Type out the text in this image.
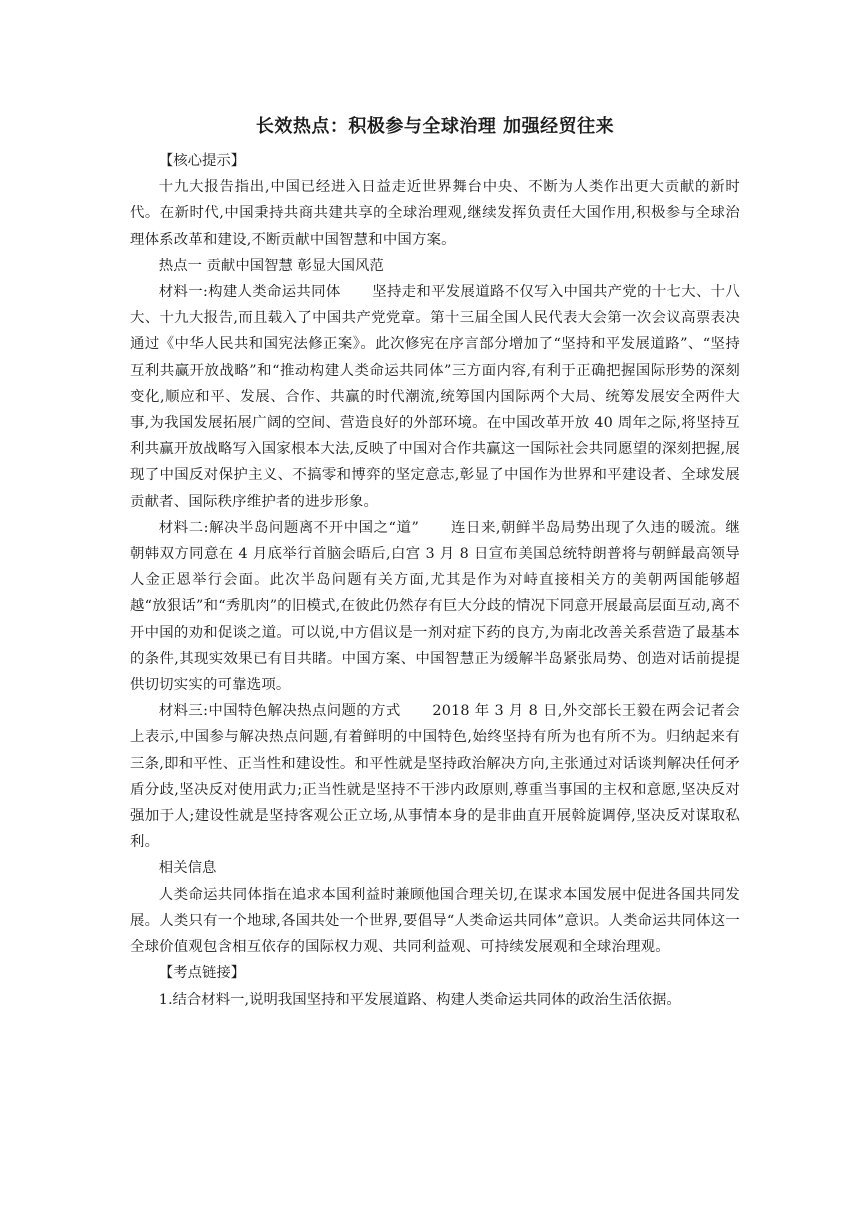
长效热点：积极参与全球治理 加强经贸往来

【核心提示】

十九大报告指出,中国已经进入日益走近世界舞台中央、不断为人类作出更大贡献的新时代。在新时代,中国秉持共商共建共享的全球治理观,继续发挥负责任大国作用,积极参与全球治理体系改革和建设,不断贡献中国智慧和中国方案。

热点一 贡献中国智慧 彰显大国风范

材料一:构建人类命运共同体 坚持走和平发展道路不仅写入中国共产党的十七大、十八大、十九大报告,而且载入了中国共产党党章。第十三届全国人民代表大会第一次会议高票表决通过《中华人民共和国宪法修正案》。此次修宪在序言部分增加了“坚持和平发展道路”、“坚持互利共赢开放战略”和“推动构建人类命运共同体”三方面内容,有利于正确把握国际形势的深刻变化,顺应和平、发展、合作、共赢的时代潮流,统筹国内国际两个大局、统筹发展安全两件大事,为我国发展拓展广阔的空间、营造良好的外部环境。在中国改革开放 40 周年之际,将坚持互利共赢开放战略写入国家根本大法,反映了中国对合作共赢这一国际社会共同愿望的深刻把握,展现了中国反对保护主义、不搞零和博弈的坚定意志,彰显了中国作为世界和平建设者、全球发展贡献者、国际秩序维护者的进步形象。

材料二:解决半岛问题离不开中国之“道” 连日来,朝鲜半岛局势出现了久违的暖流。继朝韩双方同意在 4 月底举行首脑会晤后,白宫 3 月 8 日宣布美国总统特朗普将与朝鲜最高领导人金正恩举行会面。此次半岛问题有关方面,尤其是作为对峙直接相关方的美朝两国能够超越“放狠话”和“秀肌肉”的旧模式,在彼此仍然存有巨大分歧的情况下同意开展最高层面互动,离不开中国的劝和促谈之道。可以说,中方倡议是一剂对症下药的良方,为南北改善关系营造了最基本的条件,其现实效果已有目共睹。中国方案、中国智慧正为缓解半岛紧张局势、创造对话前提提供切切实实的可靠选项。

材料三:中国特色解决热点问题的方式 2018 年 3 月 8 日,外交部长王毅在两会记者会上表示,中国参与解决热点问题,有着鲜明的中国特色,始终坚持有所为也有所不为。归纳起来有三条,即和平性、正当性和建设性。和平性就是坚持政治解决方向,主张通过对话谈判解决任何矛盾分歧,坚决反对使用武力;正当性就是坚持不干涉内政原则,尊重当事国的主权和意愿,坚决反对强加于人;建设性就是坚持客观公正立场,从事情本身的是非曲直开展斡旋调停,坚决反对谋取私利。

相关信息

人类命运共同体指在追求本国利益时兼顾他国合理关切,在谋求本国发展中促进各国共同发展。人类只有一个地球,各国共处一个世界,要倡导“人类命运共同体”意识。人类命运共同体这一全球价值观包含相互依存的国际权力观、共同利益观、可持续发展观和全球治理观。

【考点链接】

1.结合材料一,说明我国坚持和平发展道路、构建人类命运共同体的政治生活依据。
